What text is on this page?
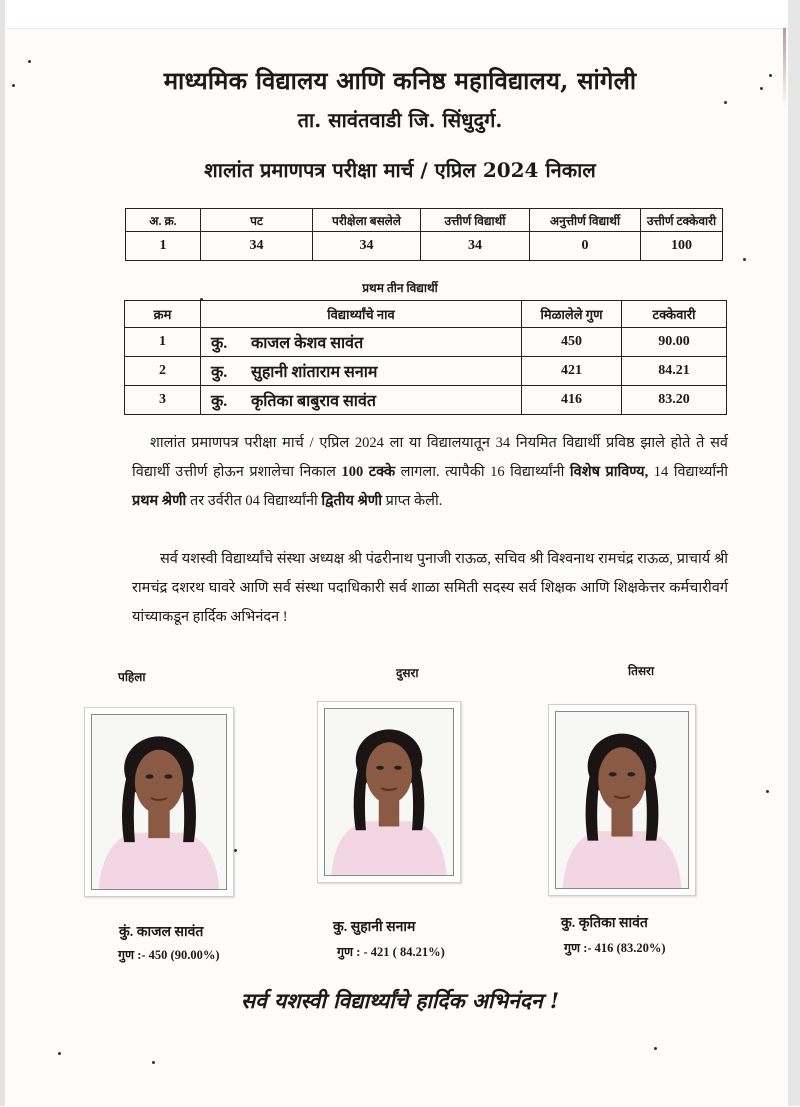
माध्यमिक विद्यालय आणि कनिष्ठ महाविद्यालय, सांगेली
ता. सावंतवाडी जि. सिंधुदुर्ग.
शालांत प्रमाणपत्र परीक्षा मार्च / एप्रिल 2024 निकाल
अ. क्र.	पट	परीक्षेला बसलेले	उत्तीर्ण विद्यार्थी	अनुत्तीर्ण विद्यार्थी	उत्तीर्ण टक्केवारी
1	34	34	34	0	100
प्रथम तीन विद्यार्थी
क्रम	विद्यार्थ्यांचे नाव	मिळालेले गुण	टक्केवारी
1	कु. काजल केशव सावंत	450	90.00
2	कु. सुहानी शांताराम सनाम	421	84.21
3	कु. कृतिका बाबुराव सावंत	416	83.20

शालांत प्रमाणपत्र परीक्षा मार्च / एप्रिल 2024 ला या विद्यालयातून 34 नियमित विद्यार्थी प्रविष्ठ झाले होते ते सर्व विद्यार्थी उत्तीर्ण होऊन प्रशालेचा निकाल 100 टक्के लागला. त्यापैकी 16 विद्यार्थ्यांनी विशेष प्राविण्य, 14 विद्यार्थ्यांनी प्रथम श्रेणी तर उर्वरीत 04 विद्यार्थ्यांनी द्वितीय श्रेणी प्राप्त केली.

सर्व यशस्वी विद्यार्थ्यांचे संस्था अध्यक्ष श्री पंढरीनाथ पुनाजी राऊळ, सचिव श्री विश्वनाथ रामचंद्र राऊळ, प्राचार्य श्री रामचंद्र दशरथ घावरे आणि सर्व संस्था पदाधिकारी सर्व शाळा समिती सदस्य सर्व शिक्षक आणि शिक्षकेत्तर कर्मचारीवर्ग यांच्याकडून हार्दिक अभिनंदन !

पहिला	दुसरा	तिसरा
कुं. काजल सावंत
गुण :- 450 (90.00%)
कु. सुहानी सनाम
गुण : - 421 ( 84.21%)
कु. कृतिका सावंत
गुण :- 416 (83.20%)
सर्व यशस्वी विद्यार्थ्यांचे हार्दिक अभिनंदन !
